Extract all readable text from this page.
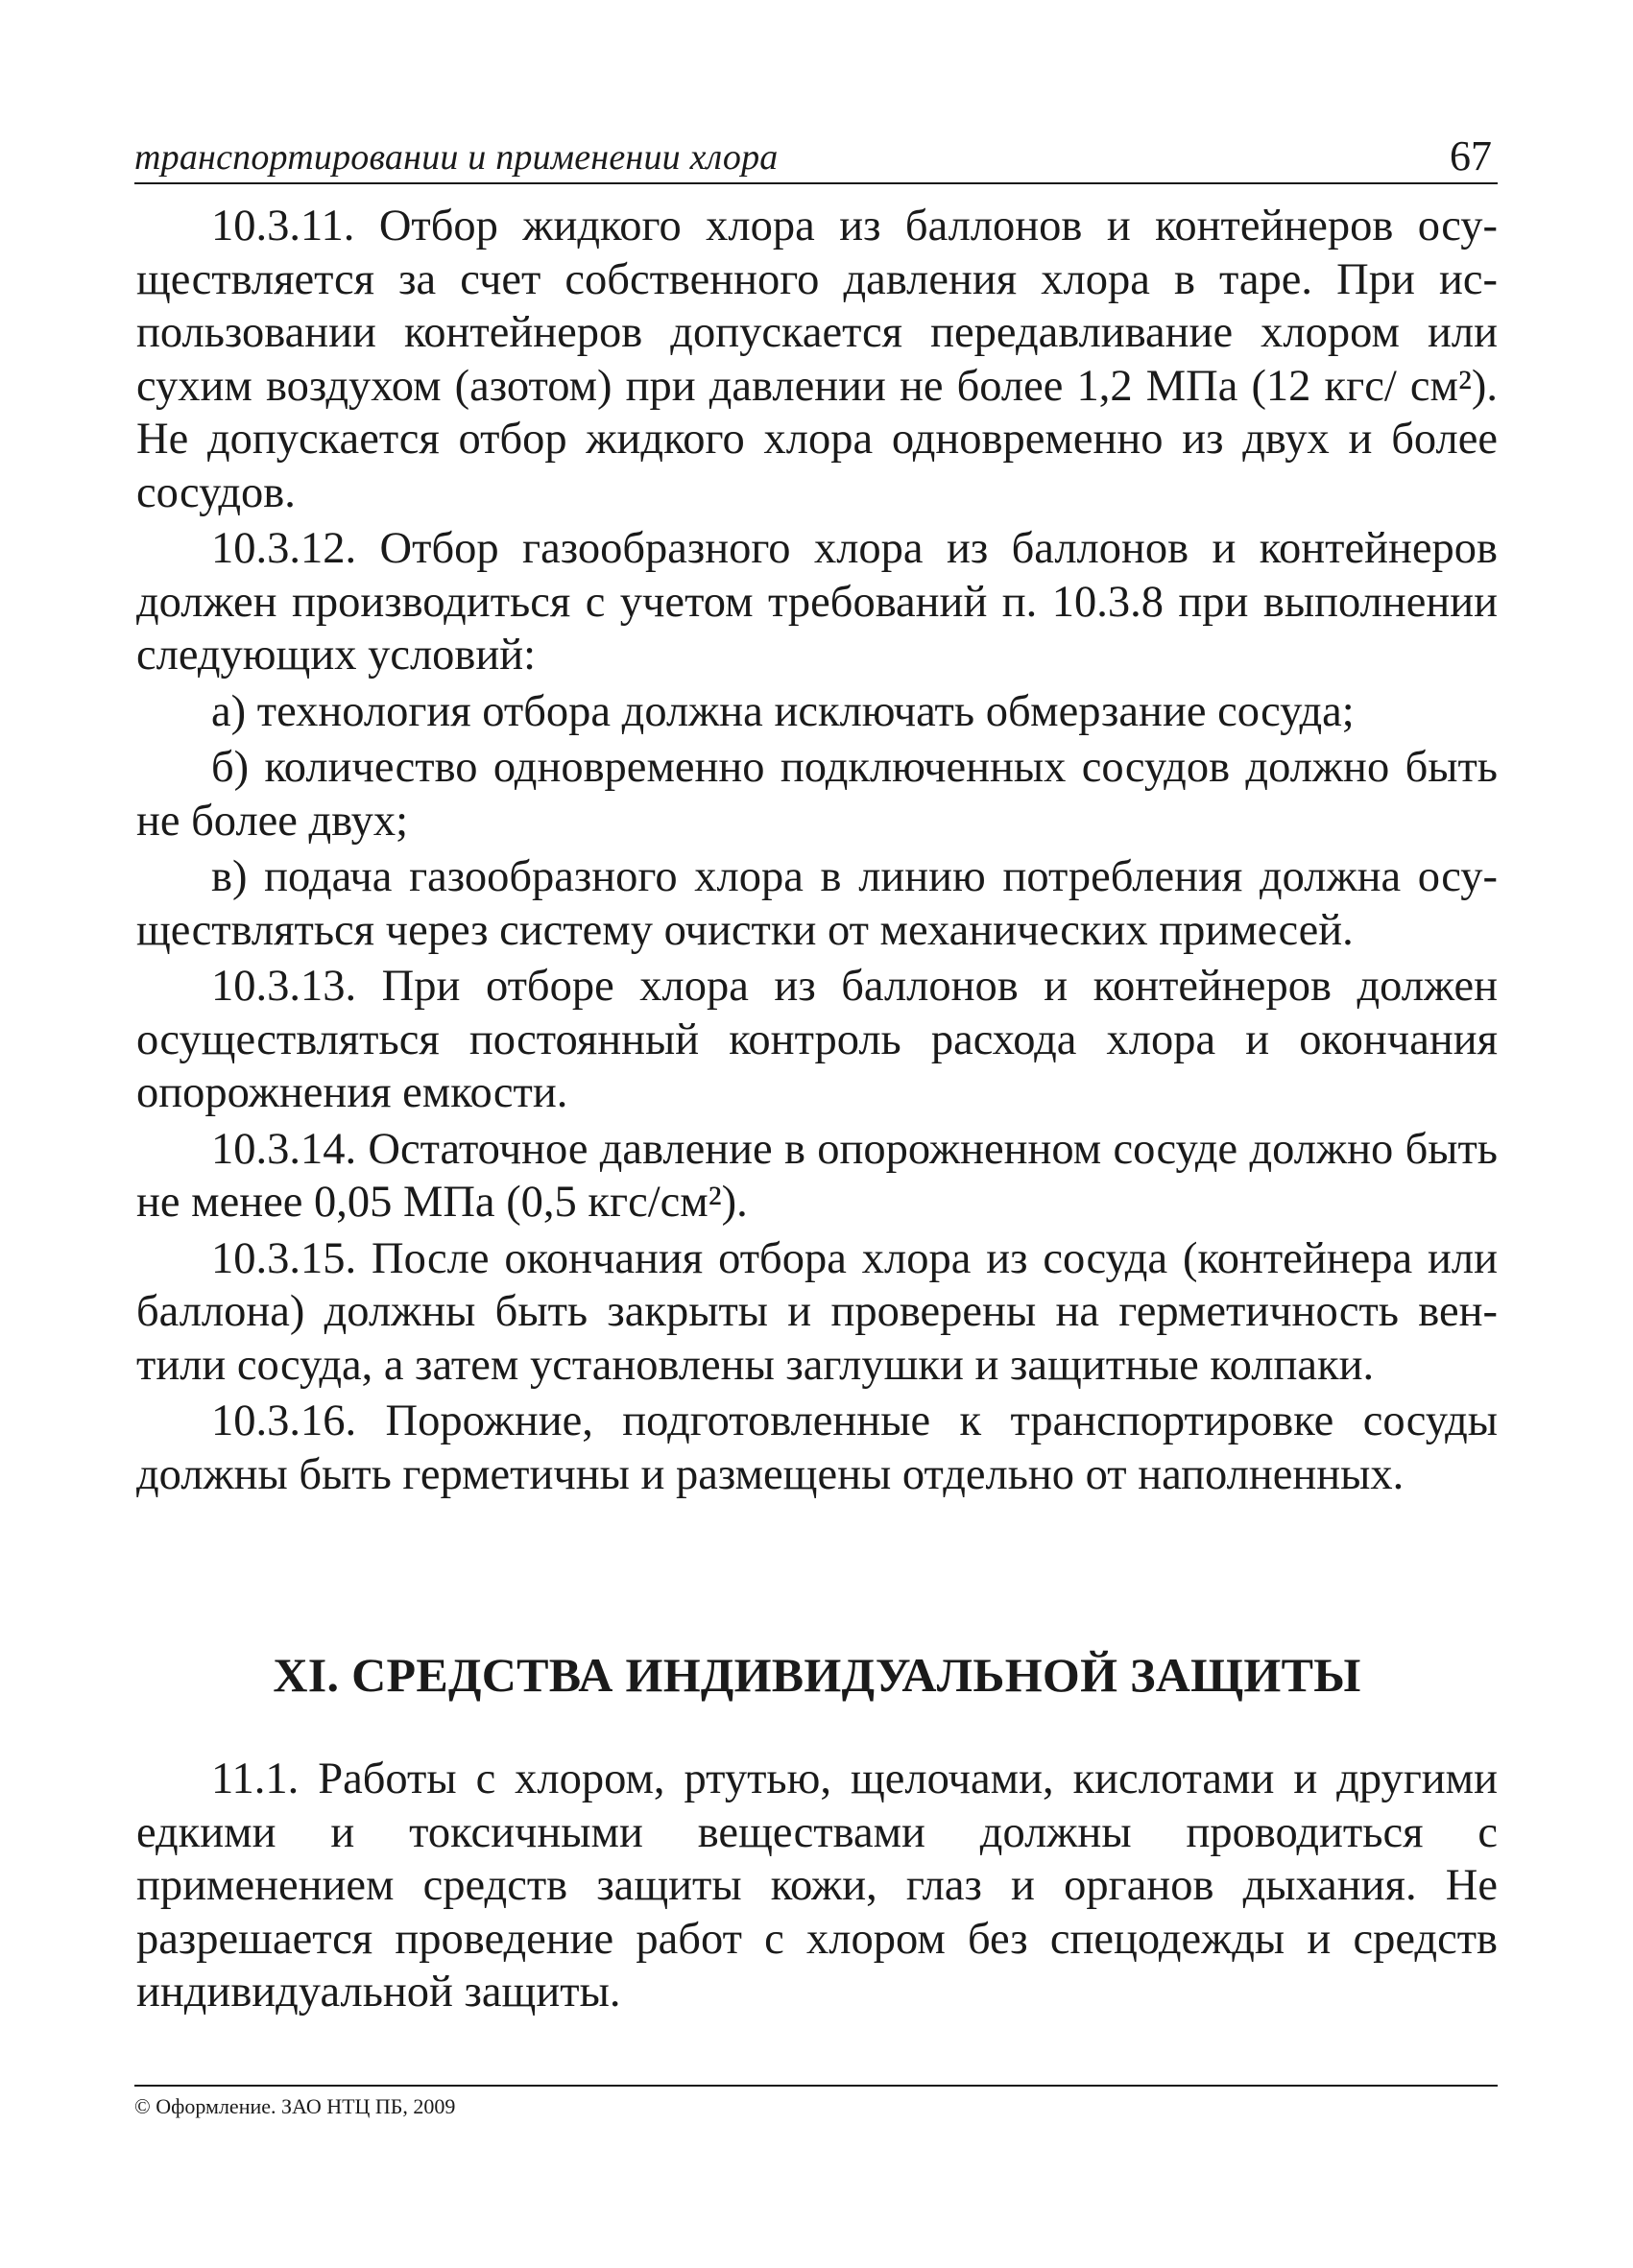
транспортировании и применении хлора	67

10.3.11. Отбор жидкого хлора из баллонов и контейнеров осуществляется за счет собственного давления хлора в таре. При использовании контейнеров допускается передавливание хлором или сухим воздухом (азотом) при давлении не более 1,2 МПа (12 кгс/ см²). Не допускается отбор жидкого хлора одновременно из двух и более сосудов.

10.3.12. Отбор газообразного хлора из баллонов и контейнеров должен производиться с учетом требований п. 10.3.8 при выполнении следующих условий:

а) технология отбора должна исключать обмерзание сосуда;

б) количество одновременно подключенных сосудов должно быть не более двух;

в) подача газообразного хлора в линию потребления должна осуществляться через систему очистки от механических примесей.

10.3.13. При отборе хлора из баллонов и контейнеров должен осуществляться постоянный контроль расхода хлора и окончания опорожнения емкости.

10.3.14. Остаточное давление в опорожненном сосуде должно быть не менее 0,05 МПа (0,5 кгс/см²).

10.3.15. После окончания отбора хлора из сосуда (контейнера или баллона) должны быть закрыты и проверены на герметичность вентили сосуда, а затем установлены заглушки и защитные колпаки.

10.3.16. Порожние, подготовленные к транспортировке сосуды должны быть герметичны и размещены отдельно от наполненных.

XI. СРЕДСТВА ИНДИВИДУАЛЬНОЙ ЗАЩИТЫ

11.1. Работы с хлором, ртутью, щелочами, кислотами и другими едкими и токсичными веществами должны проводиться с применением средств защиты кожи, глаз и органов дыхания. Не разрешается проведение работ с хлором без спецодежды и средств индивидуальной защиты.

© Оформление. ЗАО НТЦ ПБ, 2009
